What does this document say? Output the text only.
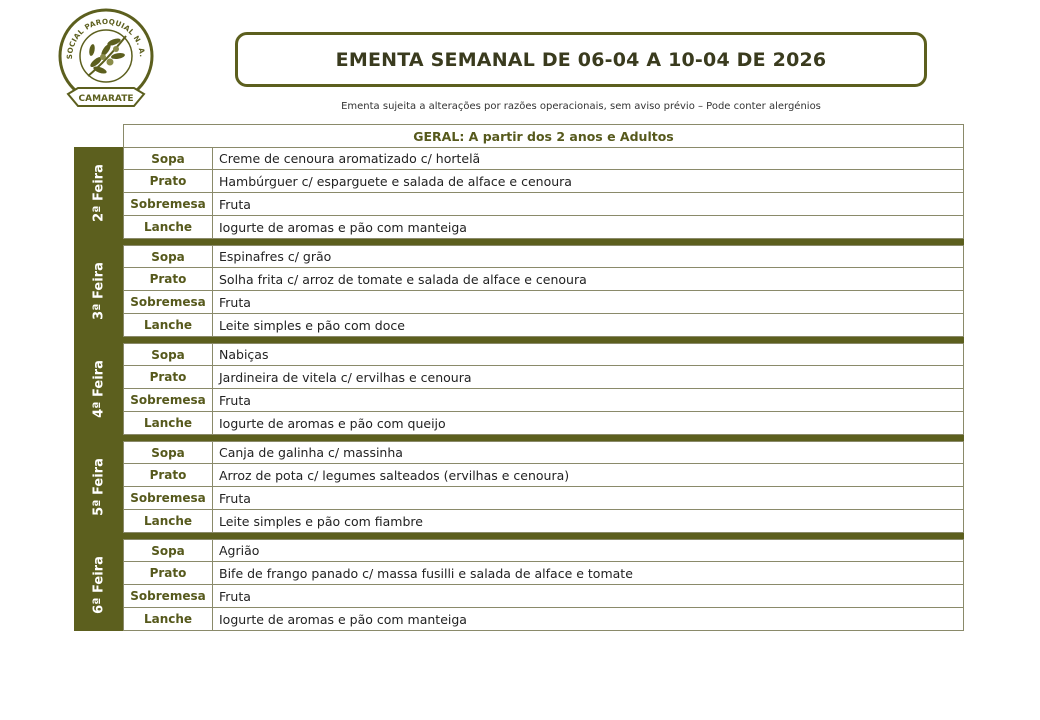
SOCIAL PAROQUIAL N. A.
CAMARATE
EMENTA SEMANAL DE 06-04 A 10-04 DE 2026
Ementa sujeita a alterações por razões operacionais, sem aviso prévio – Pode conter alergénios
GERAL: A partir dos 2 anos e Adultos
2ª Feira
Sopa	Creme de cenoura aromatizado c/ hortelã
Prato	Hambúrguer c/ esparguete e salada de alface e cenoura
Sobremesa	Fruta
Lanche	Iogurte de aromas e pão com manteiga
3ª Feira
Sopa	Espinafres c/ grão
Prato	Solha frita c/ arroz de tomate e salada de alface e cenoura
Sobremesa	Fruta
Lanche	Leite simples e pão com doce
4ª Feira
Sopa	Nabiças
Prato	Jardineira de vitela c/ ervilhas e cenoura
Sobremesa	Fruta
Lanche	Iogurte de aromas e pão com queijo
5ª Feira
Sopa	Canja de galinha c/ massinha
Prato	Arroz de pota c/ legumes salteados (ervilhas e cenoura)
Sobremesa	Fruta
Lanche	Leite simples e pão com fiambre
6ª Feira
Sopa	Agrião
Prato	Bife de frango panado c/ massa fusilli e salada de alface e tomate
Sobremesa	Fruta
Lanche	Iogurte de aromas e pão com manteiga
